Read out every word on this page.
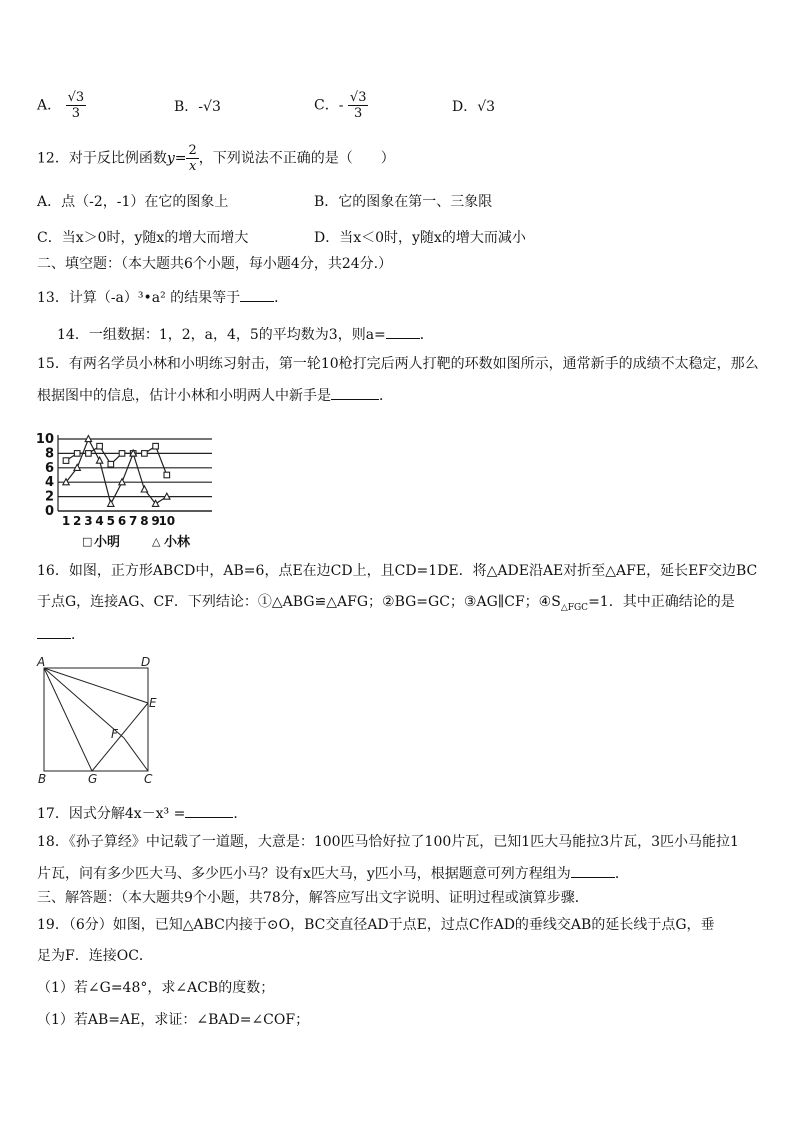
A． $\frac{√3}{3}$	B．-√3	C．- $\frac{√3}{3}$	D．√3
12．对于反比例函数$y= \frac{2}{x}$ ，下列说法不正确的是（　　）
A．点（-2，-1）在它的图象上	B．它的图象在第一、三象限
C．当x＞0时，y随x的增大而增大	D．当x＜0时，y随x的增大而减小
二、填空题：（本大题共6个小题，每小题4分，共24分.）
13．计算（-a）³•a² 的结果等于 ．
14．一组数据：1，2，a，4，5的平均数为3，则a= ．
15．有两名学员小林和小明练习射击，第一轮10枪打完后两人打靶的环数如图所示，通常新手的成绩不太稳定，那么
根据图中的信息，估计小林和小明两人中新手是	．
0
2
4
6
8
10
1 2 3 4 5 6 7 8 9
10
□ 小明	△ 小林
16．如图，正方形ABCD中，AB=6，点E在边CD上，且CD=1DE．将△ADE沿AE对折至△AFE，延长EF交边BC
于点G，连接AG、CF．下列结论：①△ABG≌△AFG；②BG=GC；③AG∥CF；$④S_{\triangle FGC}=1$．其中正确结论的是
．
A	D
E
F
B	G	C
17．因式分解4x－x³ =	．
18．《孙子算经》中记载了一道题，大意是：100匹马恰好拉了100片瓦，已知1匹大马能拉3片瓦，3匹小马能拉1
片瓦，问有多少匹大马、多少匹小马？设有x匹大马，y匹小马，根据题意可列方程组为	．
三、解答题：（本大题共9个小题，共78分，解答应写出文字说明、证明过程或演算步骤．
19．（6分）如图，已知△ABC内接于⊙O，BC交直径AD于点E，过点C作AD的垂线交AB的延长线于点G，垂
足为F．连接OC．
（1）若∠G=48°，求∠ACB的度数；
（1）若AB=AE，求证：∠BAD=∠COF；
